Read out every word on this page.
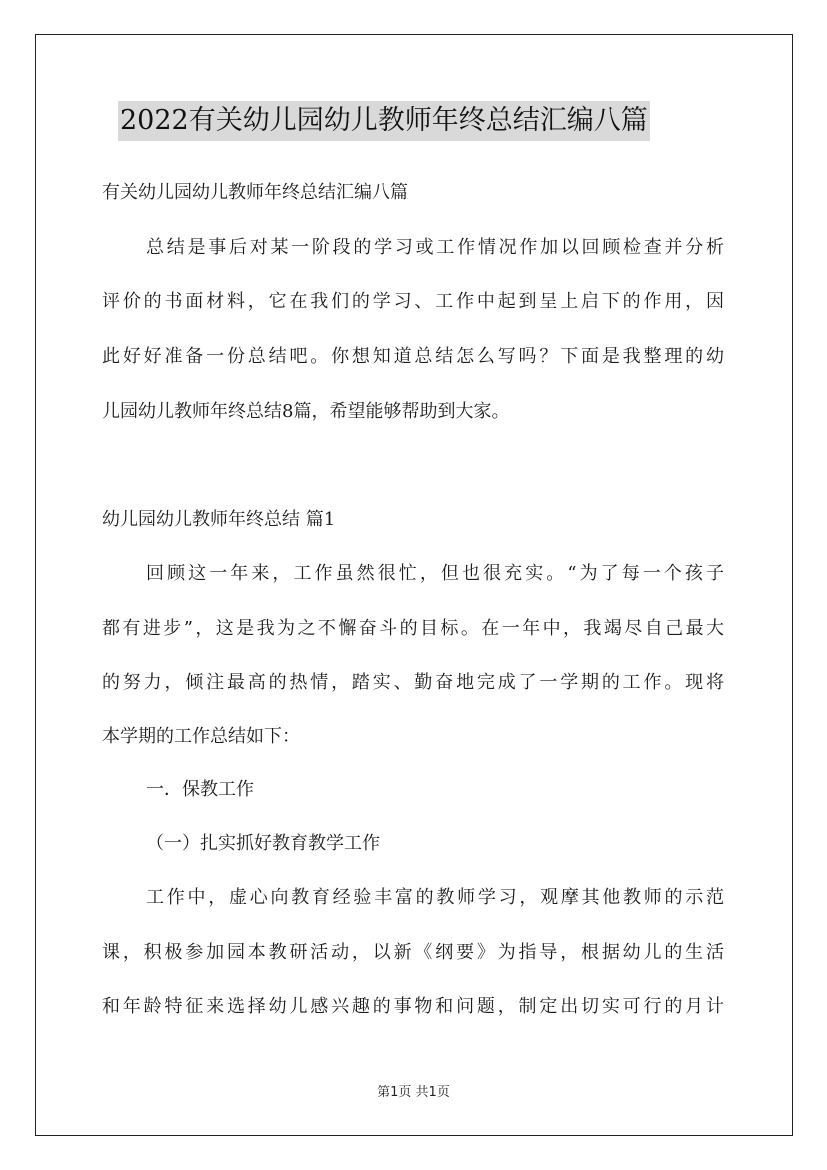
2022有关幼儿园幼儿教师年终总结汇编八篇
有关幼儿园幼儿教师年终总结汇编八篇
总结是事后对某一阶段的学习或工作情况作加以回顾检查并分析
评价的书面材料，它在我们的学习、工作中起到呈上启下的作用，因
此好好准备一份总结吧。你想知道总结怎么写吗？下面是我整理的幼
儿园幼儿教师年终总结8篇，希望能够帮助到大家。
幼儿园幼儿教师年终总结 篇1
回顾这一年来，工作虽然很忙，但也很充实。“为了每一个孩子
都有进步”，这是我为之不懈奋斗的目标。在一年中，我竭尽自己最大
的努力，倾注最高的热情，踏实、勤奋地完成了一学期的工作。现将
本学期的工作总结如下：
一．保教工作
（一）扎实抓好教育教学工作
工作中，虚心向教育经验丰富的教师学习，观摩其他教师的示范
课，积极参加园本教研活动，以新《纲要》为指导，根据幼儿的生活
和年龄特征来选择幼儿感兴趣的事物和问题，制定出切实可行的月计
第1页 共1页
